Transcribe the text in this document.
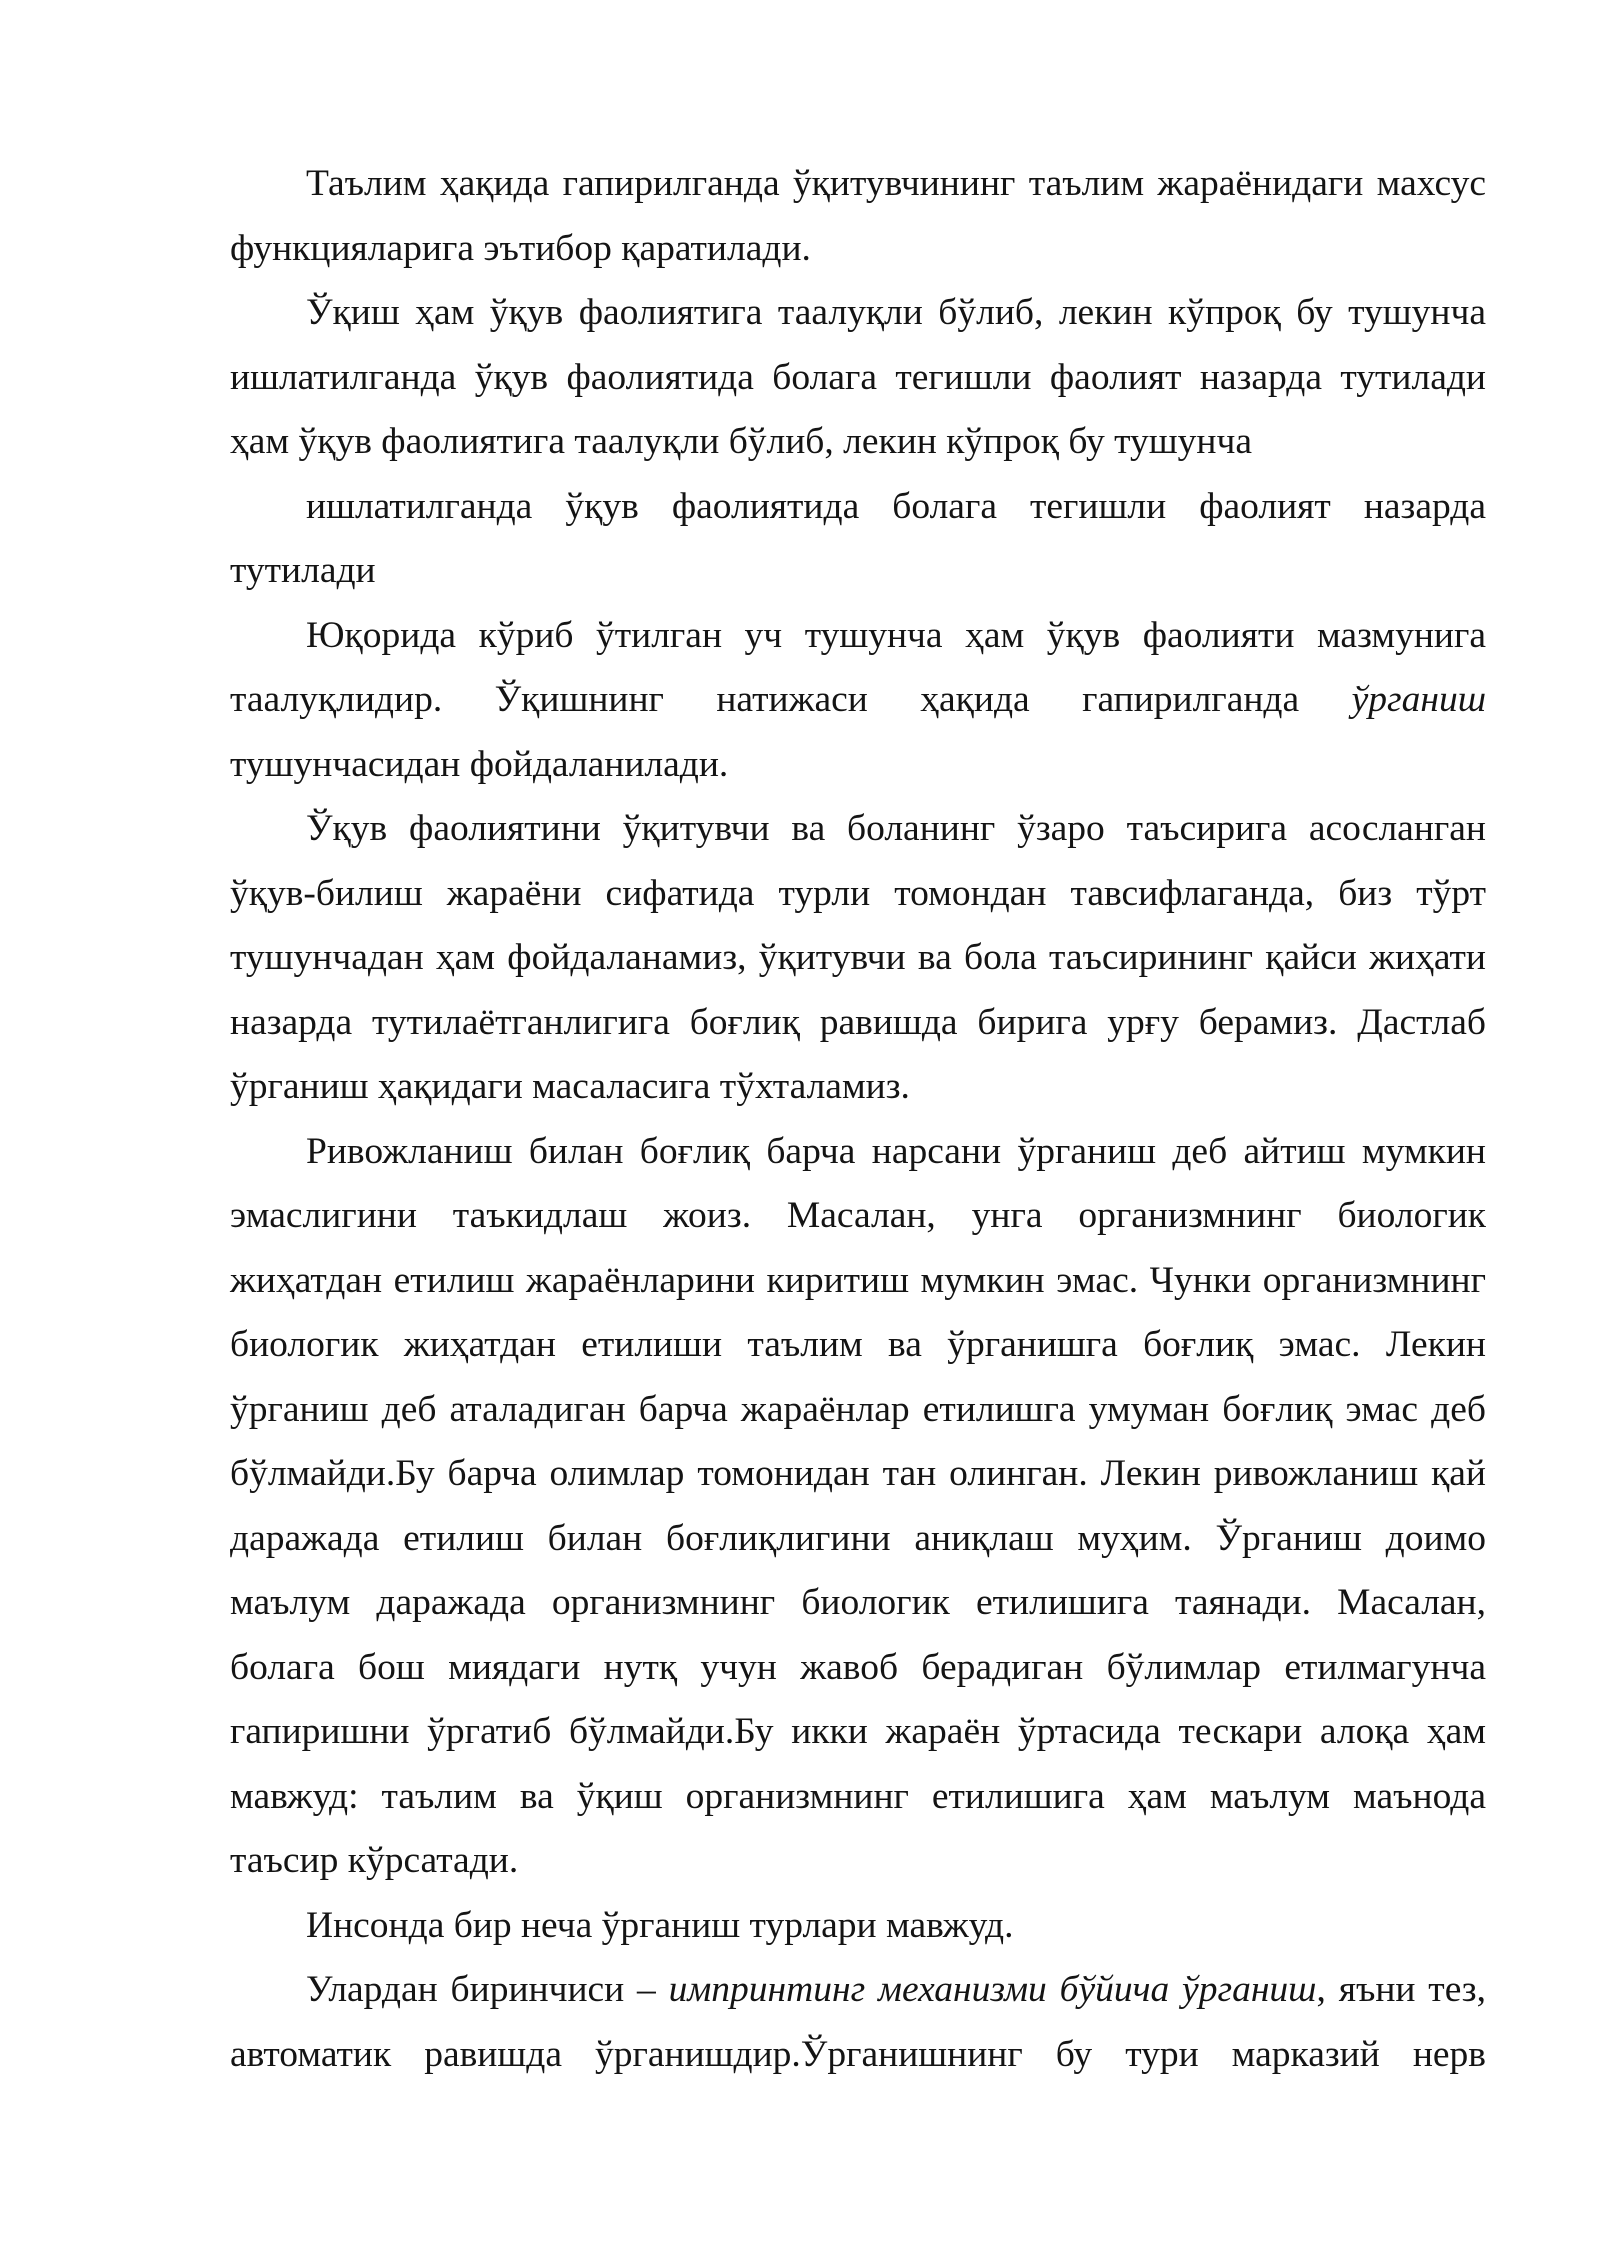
Таълим ҳақида гапирилганда ўқитувчининг таълим жараёнидаги махсус функцияларига эътибор қаратилади.

Ўқиш ҳам ўқув фаолиятига таалуқли бўлиб, лекин кўпроқ бу тушунча ишлатилганда ўқув фаолиятида болага тегишли фаолият назарда тутилади ҳам ўқув фаолиятига таалуқли бўлиб, лекин кўпроқ бу тушунча

ишлатилганда ўқув фаолиятида болага тегишли фаолият назарда
тутилади

Юқорида кўриб ўтилган уч тушунча ҳам ўқув фаолияти мазмунига таалуқлидир. Ўқишнинг натижаси ҳақида гапирилганда ўрганиш тушунчасидан фойдаланилади.

Ўқув фаолиятини ўқитувчи ва боланинг ўзаро таъсирига асосланган ўқув-билиш жараёни сифатида турли томондан тавсифлаганда, биз тўрт тушунчадан ҳам фойдаланамиз, ўқитувчи ва бола таъсирининг қайси жиҳати назарда тутилаётганлигига боғлиқ равишда бирига урғу берамиз. Дастлаб ўрганиш ҳақидаги масаласига тўхталамиз.

Ривожланиш билан боғлиқ барча нарсани ўрганиш деб айтиш мумкин эмаслигини таъкидлаш жоиз. Масалан, унга организмнинг биологик жиҳатдан етилиш жараёнларини киритиш мумкин эмас. Чунки организмнинг биологик жиҳатдан етилиши таълим ва ўрганишга боғлиқ эмас. Лекин ўрганиш деб аталадиган барча жараёнлар етилишга умуман боғлиқ эмас деб бўлмайди.Бу барча олимлар томонидан тан олинган. Лекин ривожланиш қай даражада етилиш билан боғлиқлигини аниқлаш муҳим. Ўрганиш доимо маълум даражада организмнинг биологик етилишига таянади. Масалан, болага бош миядаги нутқ учун жавоб берадиган бўлимлар етилмагунча гапиришни ўргатиб бўлмайди.Бу икки жараён ўртасида тескари алоқа ҳам мавжуд: таълим ва ўқиш организмнинг етилишига ҳам маълум маънода таъсир кўрсатади.

Инсонда бир неча ўрганиш турлари мавжуд.

Улардан биринчиси – импринтинг механизми бўйича ўрганиш, яъни тез, автоматик равишда ўрганишдир.Ўрганишнинг бу тури марказий нерв
